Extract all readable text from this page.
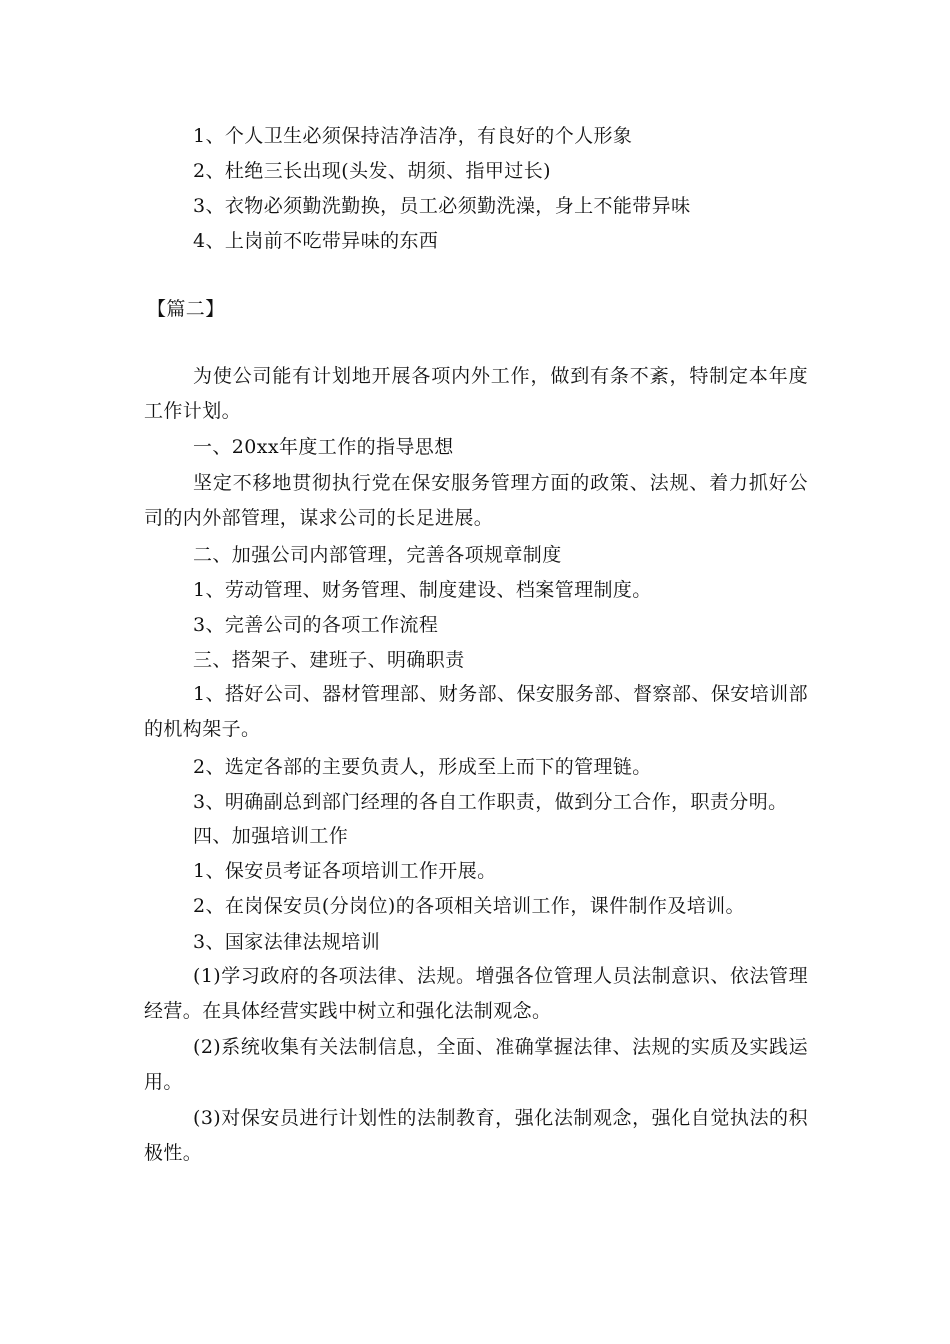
1、个人卫生必须保持洁净洁净，有良好的个人形象
2、杜绝三长出现(头发、胡须、指甲过长)
3、衣物必须勤洗勤换，员工必须勤洗澡，身上不能带异味
4、上岗前不吃带异味的东西
【篇二】

为使公司能有计划地开展各项内外工作，做到有条不紊，特制定本年度工作计划。

一、20xx年度工作的指导思想

坚定不移地贯彻执行党在保安服务管理方面的政策、法规、着力抓好公司的内外部管理，谋求公司的长足进展。

二、加强公司内部管理，完善各项规章制度
1、劳动管理、财务管理、制度建设、档案管理制度。
3、完善公司的各项工作流程
三、搭架子、建班子、明确职责

1、搭好公司、器材管理部、财务部、保安服务部、督察部、保安培训部的机构架子。

2、选定各部的主要负责人，形成至上而下的管理链。
3、明确副总到部门经理的各自工作职责，做到分工合作，职责分明。
四、加强培训工作
1、保安员考证各项培训工作开展。
2、在岗保安员(分岗位)的各项相关培训工作，课件制作及培训。
3、国家法律法规培训

(1)学习政府的各项法律、法规。增强各位管理人员法制意识、依法管理经营。在具体经营实践中树立和强化法制观念。

(2)系统收集有关法制信息，全面、准确掌握法律、法规的实质及实践运用。

(3)对保安员进行计划性的法制教育，强化法制观念，强化自觉执法的积极性。
